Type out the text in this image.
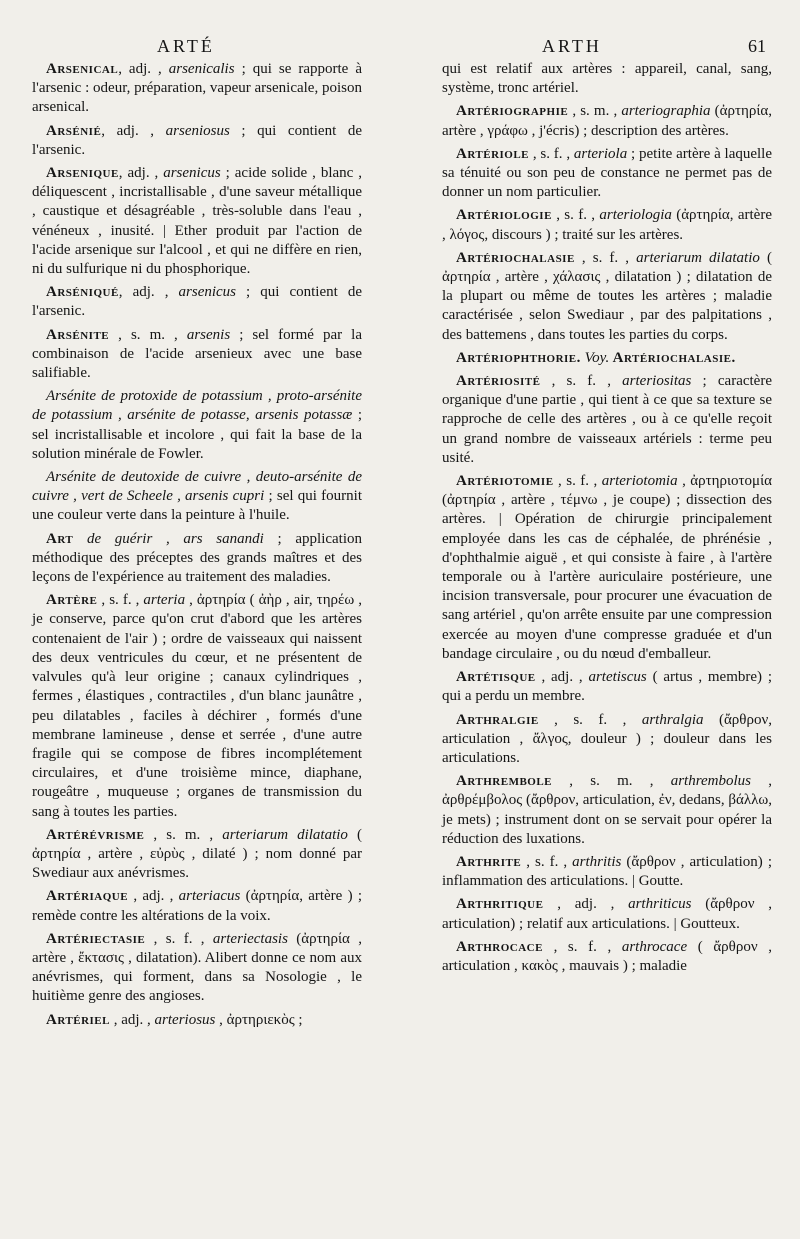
ARTÉ	ARTH	61

Arsenical, adj. , arsenicalis ; qui se rapporte à l'arsenic : odeur, préparation, vapeur arsenicale, poison arsenical.

Arsénié, adj. , arseniosus ; qui contient de l'arsenic.

Arsenique, adj. , arsenicus ; acide solide , blanc , déliquescent , incristallisable , d'une saveur métallique , caustique et désagréable , très-soluble dans l'eau , vénéneux , inusité. | Ether produit par l'action de l'acide arsenique sur l'alcool , et qui ne diffère en rien, ni du sulfurique ni du phosphorique.

Arséniqué, adj. , arsenicus ; qui contient de l'arsenic.

Arsénite , s. m. , arsenis ; sel formé par la combinaison de l'acide arsenieux avec une base salifiable.

Arsénite de protoxide de potassium , proto-arsénite de potassium , arsénite de potasse, arsenis potassæ ; sel incristallisable et incolore , qui fait la base de la solution minérale de Fowler.

Arsénite de deutoxide de cuivre , deuto-arsénite de cuivre , vert de Scheele , arsenis cupri ; sel qui fournit une couleur verte dans la peinture à l'huile.

Art de guérir , ars sanandi ; application méthodique des préceptes des grands maîtres et des leçons de l'expérience au traitement des maladies.

Artère , s. f. , arteria , ἀρτηρία ( ἀὴρ , air, τηρέω , je conserve, parce qu'on crut d'abord que les artères contenaient de l'air ) ; ordre de vaisseaux qui naissent des deux ventricules du cœur, et ne présentent de valvules qu'à leur origine ; canaux cylindriques , fermes , élastiques , contractiles , d'un blanc jaunâtre , peu dilatables , faciles à déchirer , formés d'une membrane lamineuse , dense et serrée , d'une autre fragile qui se compose de fibres incomplétement circulaires, et d'une troisième mince, diaphane, rougeâtre , muqueuse ; organes de transmission du sang à toutes les parties.

Artérévrisme , s. m. , arteriarum dilatatio ( ἀρτηρία , artère , εὐρὺς , dilaté ) ; nom donné par Swediaur aux anévrismes.

Artériaque , adj. , arteriacus (ἀρτηρία, artère ) ; remède contre les altérations de la voix.

Artériectasie , s. f. , arteriectasis (ἀρτηρία , artère , ἔκτασις , dilatation). Alibert donne ce nom aux anévrismes, qui forment, dans sa Nosologie , le huitième genre des angioses.

Artériel , adj. , arteriosus , ἀρτηριεκὸς ;

qui est relatif aux artères : appareil, canal, sang, système, tronc artériel.

Artériographie , s. m. , arteriographia (ἀρτηρία, artère , γράφω , j'écris) ; description des artères.

Artériole , s. f. , arteriola ; petite artère à laquelle sa ténuité ou son peu de constance ne permet pas de donner un nom particulier.

Artériologie , s. f. , arteriologia (ἀρτηρία, artère , λόγος, discours ) ; traité sur les artères.

Artériochalasie , s. f. , arteriarum dilatatio ( ἀρτηρία , artère , χάλασις , dilatation ) ; dilatation de la plupart ou même de toutes les artères ; maladie caractérisée , selon Swediaur , par des palpitations , des battemens , dans toutes les parties du corps.

Artériophthorie. Voy. Artériochalasie.

Artériosité , s. f. , arteriositas ; caractère organique d'une partie , qui tient à ce que sa texture se rapproche de celle des artères , ou à ce qu'elle reçoit un grand nombre de vaisseaux artériels : terme peu usité.

Artériotomie , s. f. , arteriotomia , ἀρτηριοτομία (ἀρτηρία , artère , τέμνω , je coupe) ; dissection des artères. | Opération de chirurgie principalement employée dans les cas de céphalée, de phrénésie , d'ophthalmie aiguë , et qui consiste à faire , à l'artère temporale ou à l'artère auriculaire postérieure, une incision transversale, pour procurer une évacuation de sang artériel , qu'on arrête ensuite par une compression exercée au moyen d'une compresse graduée et d'un bandage circulaire , ou du nœud d'emballeur.

Artétisque , adj. , artetiscus ( artus , membre) ; qui a perdu un membre.

Arthralgie , s. f. , arthralgia (ἄρθρον, articulation , ἄλγος, douleur ) ; douleur dans les articulations.

Arthrembole , s. m. , arthrembolus , ἀρθρέμβολος (ἄρθρον, articulation, ἐν, dedans, βάλλω, je mets) ; instrument dont on se servait pour opérer la réduction des luxations.

Arthrite , s. f. , arthritis (ἄρθρον , articulation) ; inflammation des articulations. | Goutte.

Arthritique , adj. , arthriticus (ἄρθρον , articulation) ; relatif aux articulations. | Goutteux.

Arthrocace , s. f. , arthrocace ( ἄρθρον , articulation , κακὸς , mauvais ) ; maladie
